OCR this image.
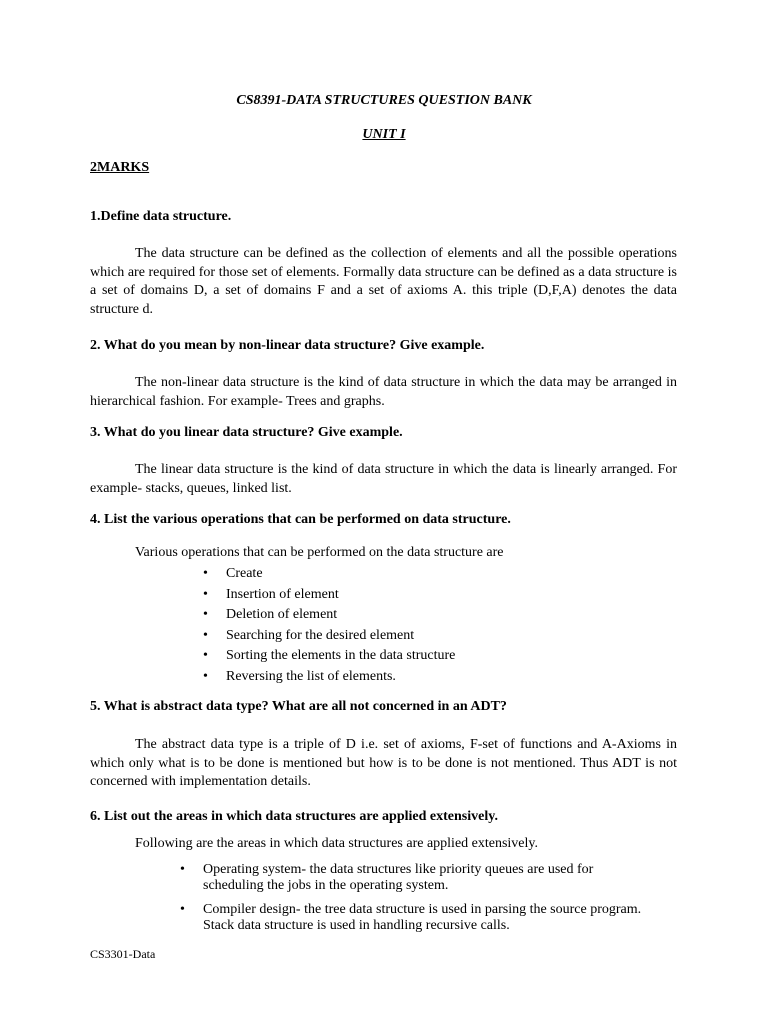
CS8391-DATA STRUCTURES QUESTION BANK
UNIT I
2MARKS
1.Define data structure.
The data structure can be defined as the collection of elements and all the possible operations which are required for those set of elements. Formally data structure can be defined as a data structure is a set of domains D, a set of domains F and a set of axioms A. this triple (D,F,A) denotes the data structure d.
2. What do you mean by non-linear data structure? Give example.
The non-linear data structure is the kind of data structure in which the data may be arranged in hierarchical fashion. For example- Trees and graphs.
3. What do you linear data structure? Give example.
The linear data structure is the kind of data structure in which the data is linearly arranged. For example- stacks, queues, linked list.
4. List the various operations that can be performed on data structure.
Various operations that can be performed on the data structure are
• Create
• Insertion of element
• Deletion of element
• Searching for the desired element
• Sorting the elements in the data structure
• Reversing the list of elements.
5. What is abstract data type? What are all not concerned in an ADT?
The abstract data type is a triple of D i.e. set of axioms, F-set of functions and A-Axioms in which only what is to be done is mentioned but how is to be done is not mentioned. Thus ADT is not concerned with implementation details.
6. List out the areas in which data structures are applied extensively.
Following are the areas in which data structures are applied extensively.
• Operating system- the data structures like priority queues are used for scheduling the jobs in the operating system.
• Compiler design- the tree data structure is used in parsing the source program. Stack data structure is used in handling recursive calls.
CS3301-Data
